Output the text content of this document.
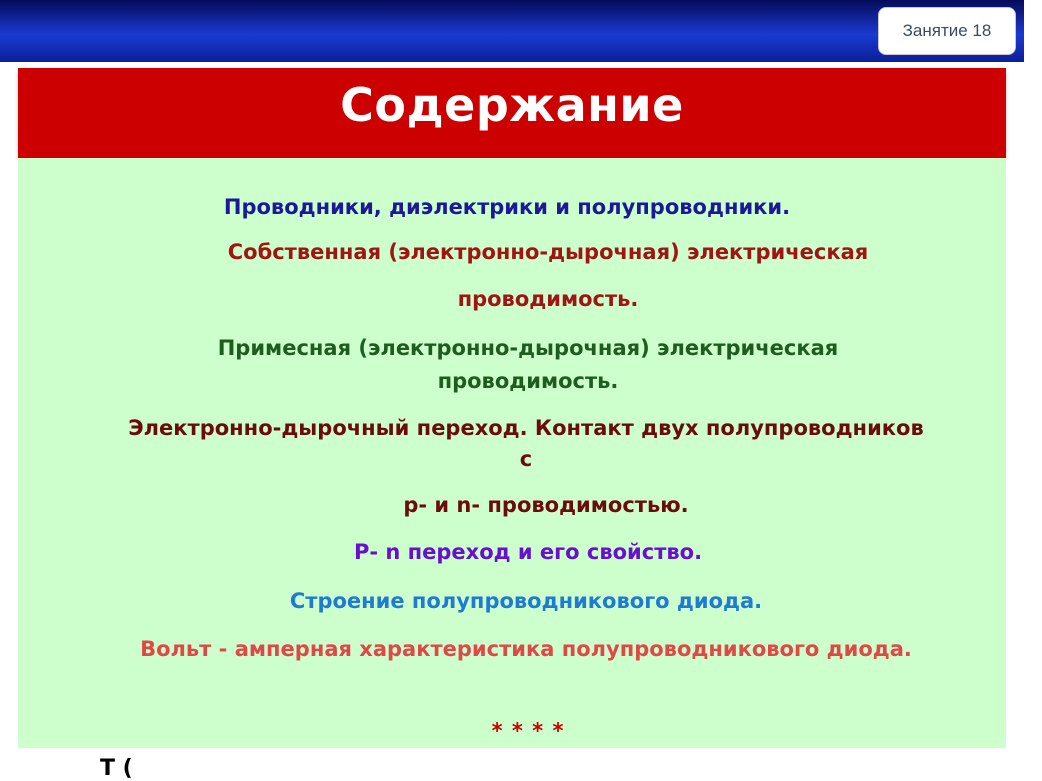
Занятие 18
Содержание
Проводники, диэлектрики и полупроводники.
Собственная (электронно-дырочная) электрическая
проводимость.
Примесная (электронно-дырочная) электрическая
проводимость.
Электронно-дырочный переход. Контакт двух полупроводников
с
p- и n- проводимостью.
Р- n переход и его свойство.
Строение полупроводникового диода.
Вольт - амперная характеристика полупроводникового диода.
* * * *
Т (
